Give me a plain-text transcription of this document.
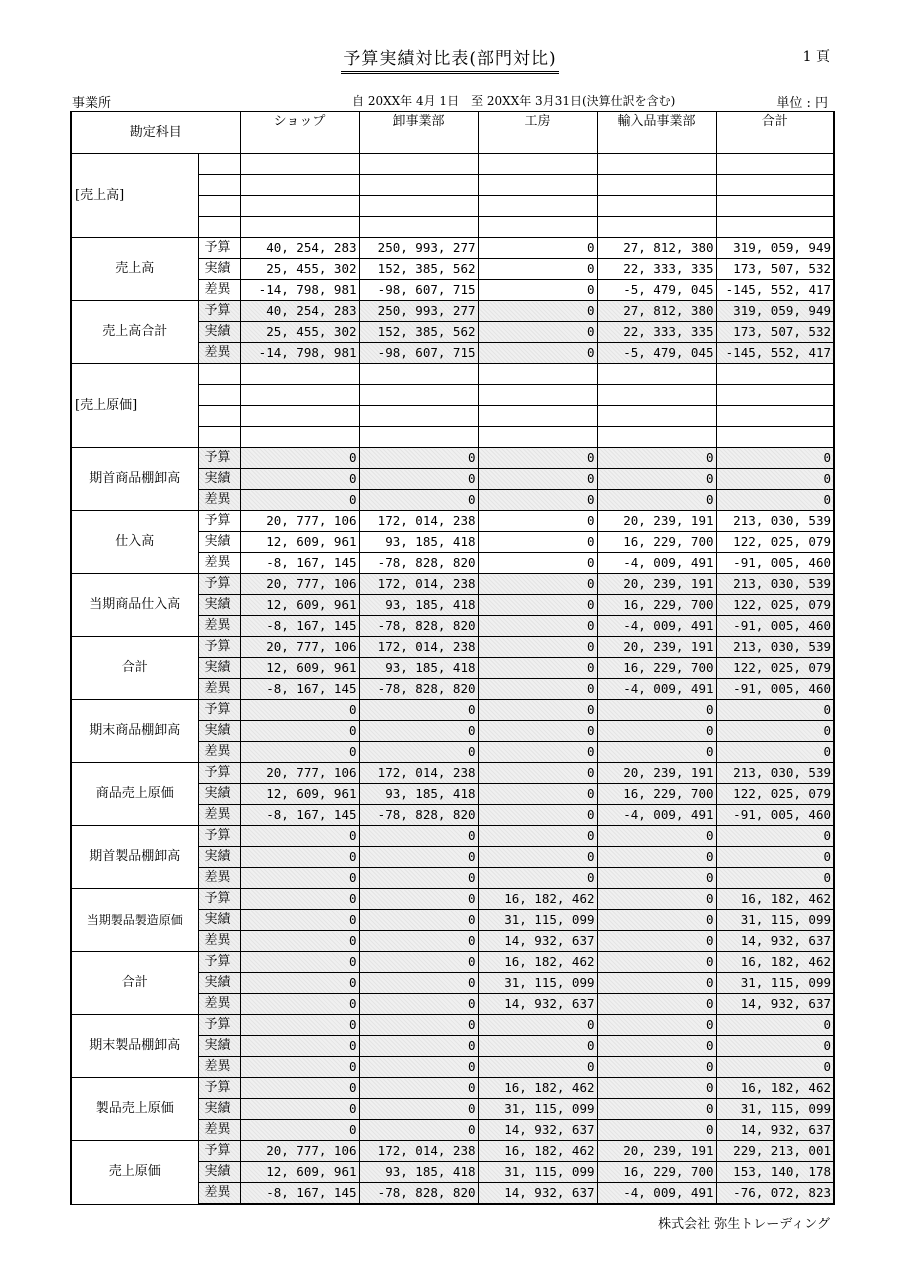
予算実績対比表(部門対比)	1 頁
事業所	自 20XX年 4月 1日　至 20XX年 3月31日(決算仕訳を含む)	単位 : 円
勘定科目		ショップ	卸事業部	工房	輸入品事業部	合計
[売上高]						

売上高	予算	40, 254, 283	250, 993, 277	0	27, 812, 380	319, 059, 949
	実績	25, 455, 302	152, 385, 562	0	22, 333, 335	173, 507, 532
	差異	-14, 798, 981	-98, 607, 715	0	-5, 479, 045	-145, 552, 417
売上高合計	予算	40, 254, 283	250, 993, 277	0	27, 812, 380	319, 059, 949
	実績	25, 455, 302	152, 385, 562	0	22, 333, 335	173, 507, 532
	差異	-14, 798, 981	-98, 607, 715	0	-5, 479, 045	-145, 552, 417
[売上原価]						

期首商品棚卸高	予算	0	0	0	0	0
	実績	0	0	0	0	0
	差異	0	0	0	0	0
仕入高	予算	20, 777, 106	172, 014, 238	0	20, 239, 191	213, 030, 539
	実績	12, 609, 961	93, 185, 418	0	16, 229, 700	122, 025, 079
	差異	-8, 167, 145	-78, 828, 820	0	-4, 009, 491	-91, 005, 460
当期商品仕入高	予算	20, 777, 106	172, 014, 238	0	20, 239, 191	213, 030, 539
	実績	12, 609, 961	93, 185, 418	0	16, 229, 700	122, 025, 079
	差異	-8, 167, 145	-78, 828, 820	0	-4, 009, 491	-91, 005, 460
合計	予算	20, 777, 106	172, 014, 238	0	20, 239, 191	213, 030, 539
	実績	12, 609, 961	93, 185, 418	0	16, 229, 700	122, 025, 079
	差異	-8, 167, 145	-78, 828, 820	0	-4, 009, 491	-91, 005, 460
期末商品棚卸高	予算	0	0	0	0	0
	実績	0	0	0	0	0
	差異	0	0	0	0	0
商品売上原価	予算	20, 777, 106	172, 014, 238	0	20, 239, 191	213, 030, 539
	実績	12, 609, 961	93, 185, 418	0	16, 229, 700	122, 025, 079
	差異	-8, 167, 145	-78, 828, 820	0	-4, 009, 491	-91, 005, 460
期首製品棚卸高	予算	0	0	0	0	0
	実績	0	0	0	0	0
	差異	0	0	0	0	0
当期製品製造原価	予算	0	0	16, 182, 462	0	16, 182, 462
	実績	0	0	31, 115, 099	0	31, 115, 099
	差異	0	0	14, 932, 637	0	14, 932, 637
合計	予算	0	0	16, 182, 462	0	16, 182, 462
	実績	0	0	31, 115, 099	0	31, 115, 099
	差異	0	0	14, 932, 637	0	14, 932, 637
期末製品棚卸高	予算	0	0	0	0	0
	実績	0	0	0	0	0
	差異	0	0	0	0	0
製品売上原価	予算	0	0	16, 182, 462	0	16, 182, 462
	実績	0	0	31, 115, 099	0	31, 115, 099
	差異	0	0	14, 932, 637	0	14, 932, 637
売上原価	予算	20, 777, 106	172, 014, 238	16, 182, 462	20, 239, 191	229, 213, 001
	実績	12, 609, 961	93, 185, 418	31, 115, 099	16, 229, 700	153, 140, 178
	差異	-8, 167, 145	-78, 828, 820	14, 932, 637	-4, 009, 491	-76, 072, 823
株式会社 弥生トレーディング
